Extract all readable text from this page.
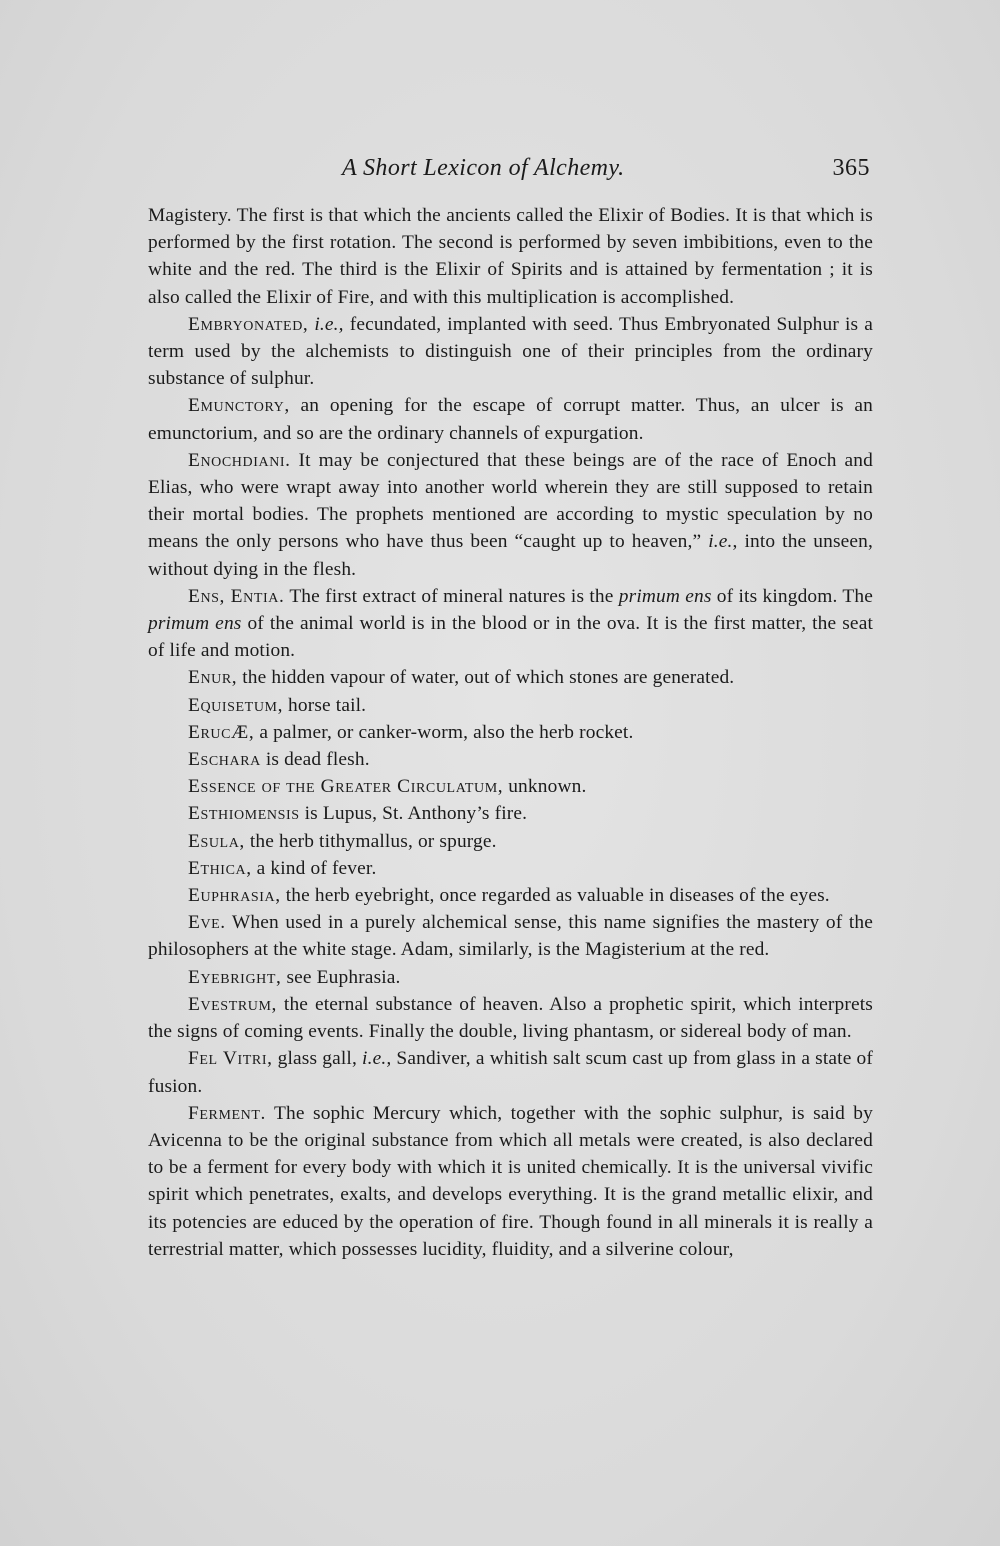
A Short Lexicon of Alchemy.	365

Magistery. The first is that which the ancients called the Elixir of Bodies. It is that which is performed by the first rotation. The second is performed by seven imbibitions, even to the white and the red. The third is the Elixir of Spirits and is attained by fermentation ; it is also called the Elixir of Fire, and with this multiplication is accomplished.

Embryonated, i.e., fecundated, implanted with seed. Thus Embryonated Sulphur is a term used by the alchemists to distinguish one of their principles from the ordinary substance of sulphur.

Emunctory, an opening for the escape of corrupt matter. Thus, an ulcer is an emunctorium, and so are the ordinary channels of expurgation.

Enochdiani. It may be conjectured that these beings are of the race of Enoch and Elias, who were wrapt away into another world wherein they are still supposed to retain their mortal bodies. The prophets mentioned are according to mystic speculation by no means the only persons who have thus been “caught up to heaven,” i.e., into the unseen, without dying in the flesh.

Ens, Entia. The first extract of mineral natures is the primum ens of its kingdom. The primum ens of the animal world is in the blood or in the ova. It is the first matter, the seat of life and motion.

Enur, the hidden vapour of water, out of which stones are generated.

Equisetum, horse tail.

ErucÆ, a palmer, or canker-worm, also the herb rocket.

Eschara is dead flesh.

Essence of the Greater Circulatum, unknown.

Esthiomensis is Lupus, St. Anthony’s fire.

Esula, the herb tithymallus, or spurge.

Ethica, a kind of fever.

Euphrasia, the herb eyebright, once regarded as valuable in diseases of the eyes.

Eve. When used in a purely alchemical sense, this name signifies the mastery of the philosophers at the white stage. Adam, similarly, is the Magisterium at the red.

Eyebright, see Euphrasia.

Evestrum, the eternal substance of heaven. Also a prophetic spirit, which interprets the signs of coming events. Finally the double, living phantasm, or sidereal body of man.

Fel Vitri, glass gall, i.e., Sandiver, a whitish salt scum cast up from glass in a state of fusion.

Ferment. The sophic Mercury which, together with the sophic sulphur, is said by Avicenna to be the original substance from which all metals were created, is also declared to be a ferment for every body with which it is united chemically. It is the universal vivific spirit which penetrates, exalts, and develops everything. It is the grand metallic elixir, and its potencies are educed by the operation of fire. Though found in all minerals it is really a terrestrial matter, which possesses lucidity, fluidity, and a silverine colour,
